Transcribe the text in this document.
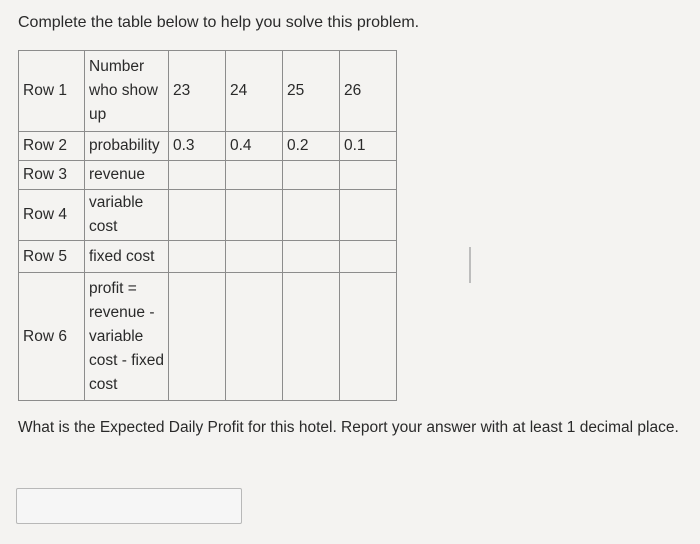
Complete the table below to help you solve this problem.
Row 1	Number who show up	23	24	25	26
Row 2	probability	0.3	0.4	0.2	0.1
Row 3	revenue				
Row 4	variable cost				
Row 5	fixed cost				
Row 6	profit = revenue - variable cost - fixed cost				
What is the Expected Daily Profit for this hotel. Report your answer with at least 1 decimal place.
